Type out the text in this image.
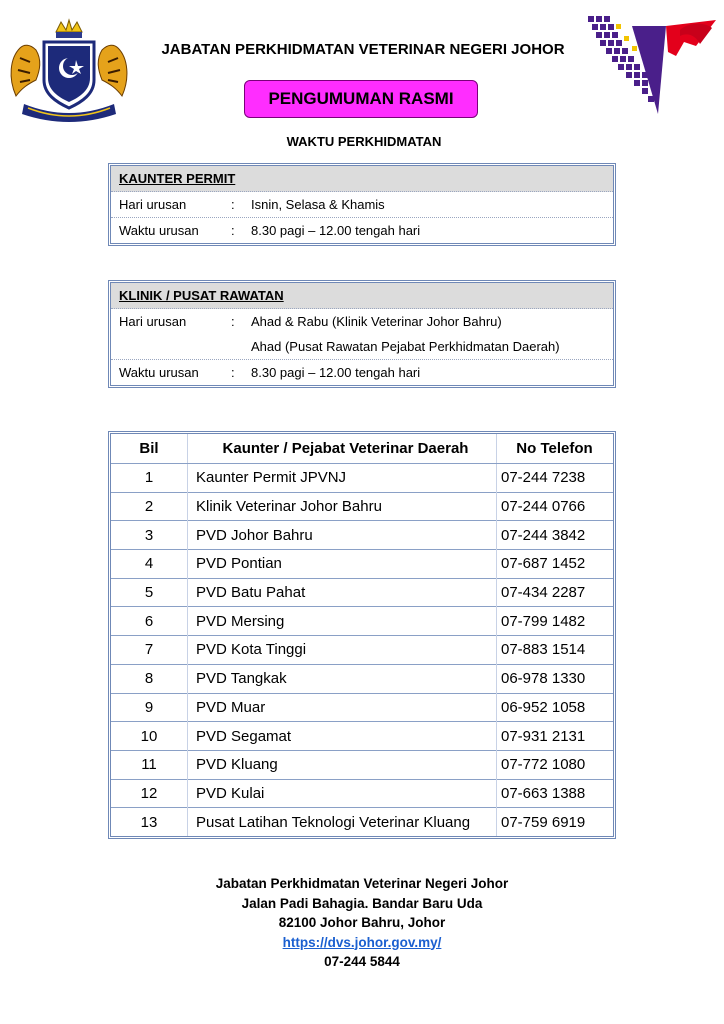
JABATAN PERKHIDMATAN VETERINAR NEGERI JOHOR
PENGUMUMAN RASMI
WAKTU PERKHIDMATAN
KAUNTER PERMIT
Hari urusan	:	Isnin, Selasa & Khamis
Waktu urusan	:	8.30 pagi – 12.00 tengah hari
KLINIK / PUSAT RAWATAN
Hari urusan	:	Ahad & Rabu (Klinik Veterinar Johor Bahru)
Ahad (Pusat Rawatan Pejabat Perkhidmatan Daerah)
Waktu urusan	:	8.30 pagi – 12.00 tengah hari
Bil	Kaunter / Pejabat Veterinar Daerah	No Telefon
1	Kaunter Permit JPVNJ	07-244 7238
2	Klinik Veterinar Johor Bahru	07-244 0766
3	PVD Johor Bahru	07-244 3842
4	PVD Pontian	07-687 1452
5	PVD Batu Pahat	07-434 2287
6	PVD Mersing	07-799 1482
7	PVD Kota Tinggi	07-883 1514
8	PVD Tangkak	06-978 1330
9	PVD Muar	06-952 1058
10	PVD Segamat	07-931 2131
11	PVD Kluang	07-772 1080
12	PVD Kulai	07-663 1388
13	Pusat Latihan Teknologi Veterinar Kluang	07-759 6919
Jabatan Perkhidmatan Veterinar Negeri Johor
Jalan Padi Bahagia. Bandar Baru Uda
82100 Johor Bahru, Johor
https://dvs.johor.gov.my/
07-244 5844
